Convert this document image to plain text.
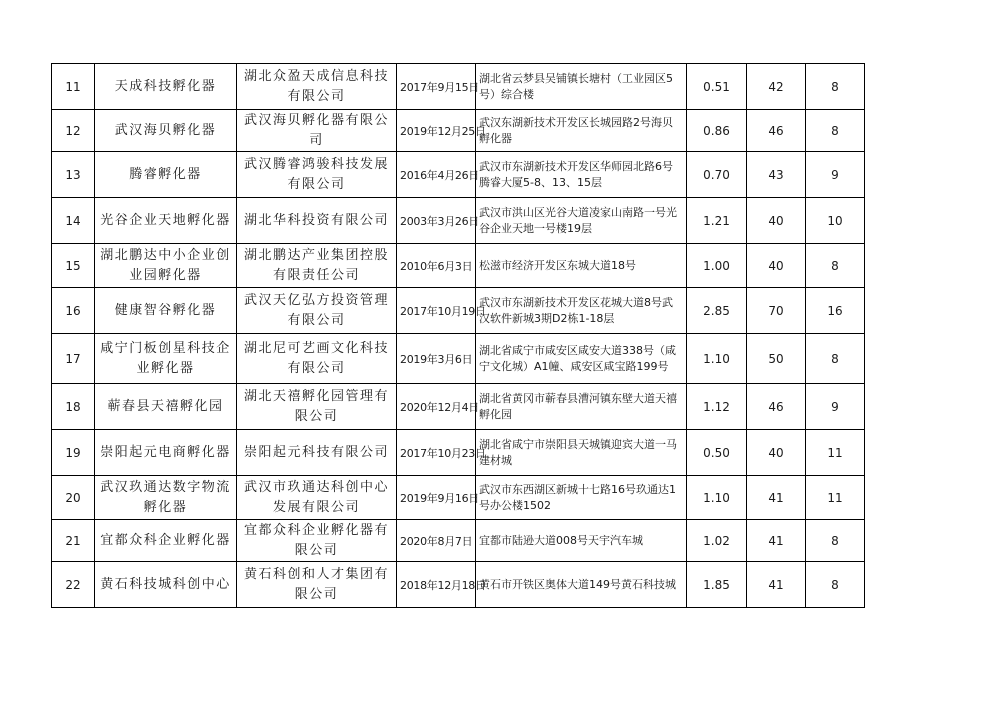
11	天成科技孵化器	湖北众盈天成信息科技有限公司	2017年9月15日	湖北省云梦县吴铺镇长塘村（工业园区5号）综合楼	0.51	42	8
12	武汉海贝孵化器	武汉海贝孵化器有限公司	2019年12月25日	武汉东湖新技术开发区长城园路2号海贝孵化器	0.86	46	8
13	腾睿孵化器	武汉腾睿鸿骏科技发展有限公司	2016年4月26日	武汉市东湖新技术开发区华师园北路6号腾睿大厦5-8、13、15层	0.70	43	9
14	光谷企业天地孵化器	湖北华科投资有限公司	2003年3月26日	武汉市洪山区光谷大道凌家山南路一号光谷企业天地一号楼19层	1.21	40	10
15	湖北鹏达中小企业创业园孵化器	湖北鹏达产业集团控股有限责任公司	2010年6月3日	松滋市经济开发区东城大道18号	1.00	40	8
16	健康智谷孵化器	武汉天亿弘方投资管理有限公司	2017年10月19日	武汉市东湖新技术开发区花城大道8号武汉软件新城3期D2栋1-18层	2.85	70	16
17	咸宁门板创星科技企业孵化器	湖北尼可艺画文化科技有限公司	2019年3月6日	湖北省咸宁市咸安区咸安大道338号（咸宁文化城）A1幢、咸安区咸宝路199号	1.10	50	8
18	蕲春县天禧孵化园	湖北天禧孵化园管理有限公司	2020年12月4日	湖北省黄冈市蕲春县漕河镇东壁大道天禧孵化园	1.12	46	9
19	崇阳起元电商孵化器	崇阳起元科技有限公司	2017年10月23日	湖北省咸宁市崇阳县天城镇迎宾大道一马建材城	0.50	40	11
20	武汉玖通达数字物流孵化器	武汉市玖通达科创中心发展有限公司	2019年9月16日	武汉市东西湖区新城十七路16号玖通达1号办公楼1502	1.10	41	11
21	宜都众科企业孵化器	宜都众科企业孵化器有限公司	2020年8月7日	宜都市陆逊大道008号天宇汽车城	1.02	41	8
22	黄石科技城科创中心	黄石科创和人才集团有限公司	2018年12月18日	黄石市开铁区奥体大道149号黄石科技城	1.85	41	8
